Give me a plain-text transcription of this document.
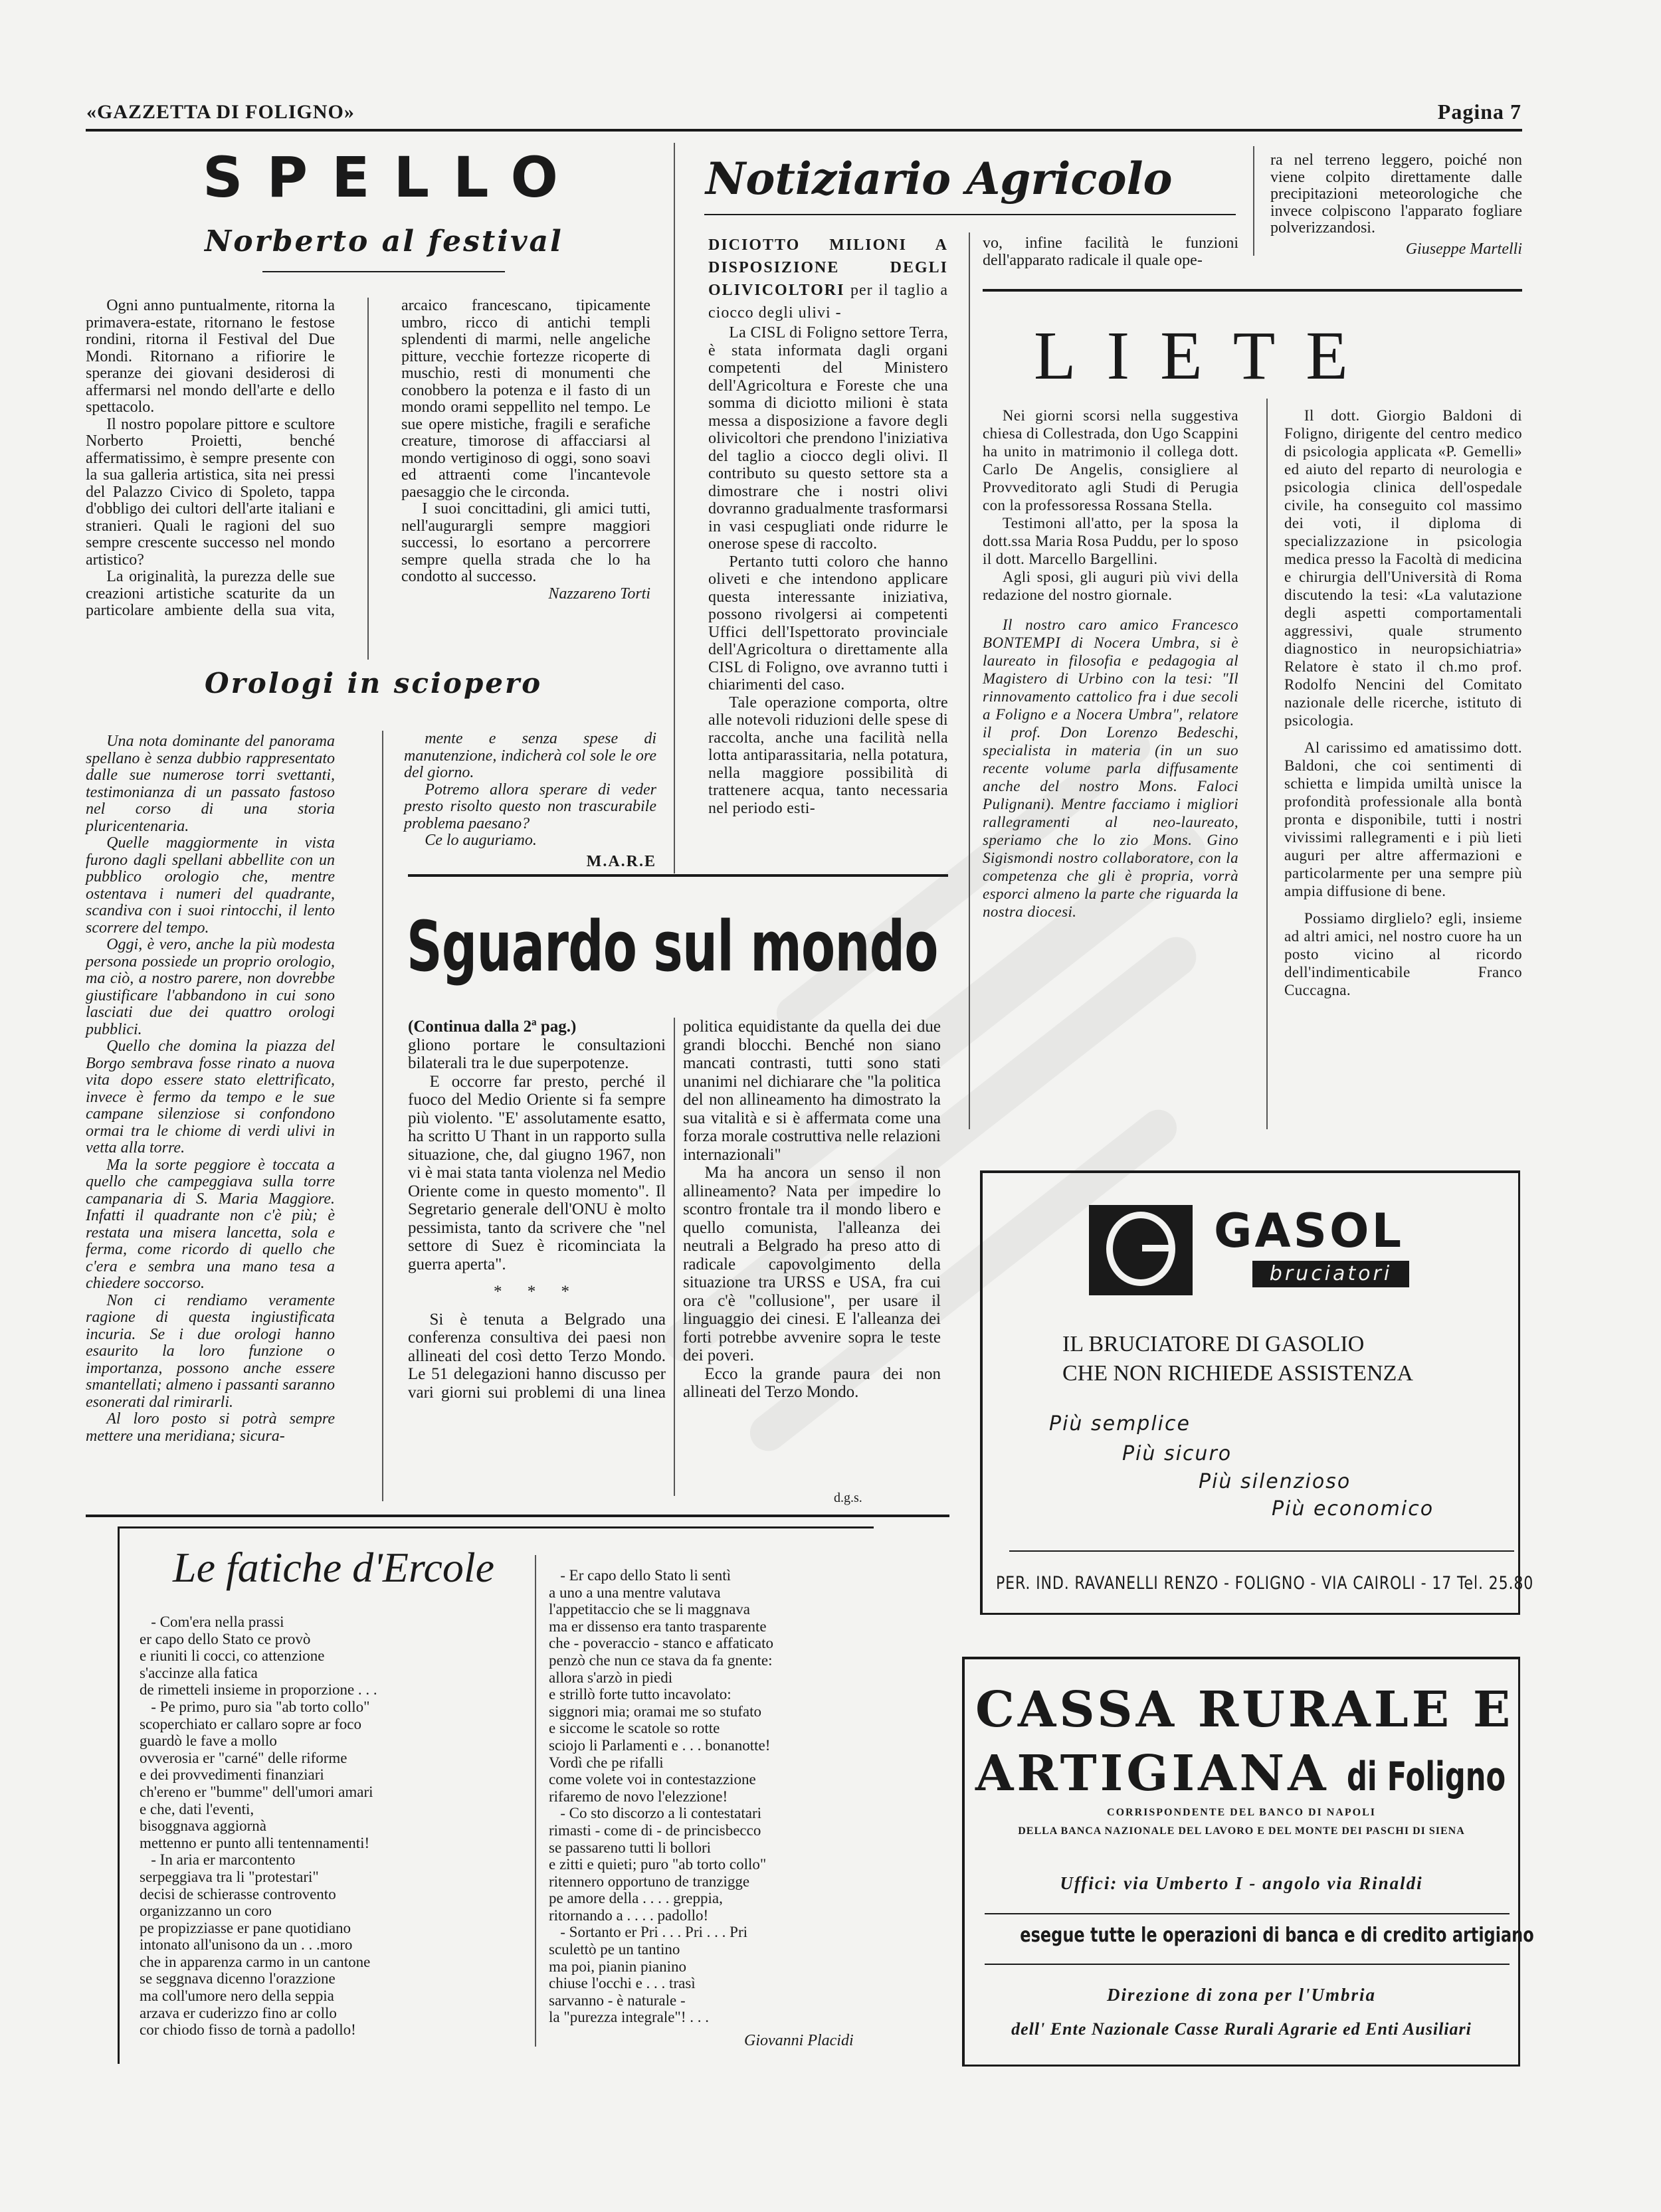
«GAZZETTA DI FOLIGNO»	Pagina 7
SPELLO
Norberto al festival

Ogni anno puntualmente, ritorna la primavera-estate, ritornano le festose rondini, ritorna il Festival del Due Mondi. Ritornano a rifiorire le speranze dei giovani desiderosi di affermarsi nel mondo dell'arte e dello spettacolo.

Il nostro popolare pittore e scultore Norberto Proietti, benché affermatissimo, è sempre presente con la sua galleria artistica, sita nei pressi del Palazzo Civico di Spoleto, tappa d'obbligo dei cultori dell'arte italiani e stranieri. Quali le ragioni del suo sempre crescente successo nel mondo artistico?

La originalità, la purezza delle sue creazioni artistiche scaturite da un particolare ambiente della sua vita, arcaico francescano, tipicamente umbro, ricco di antichi templi splendenti di marmi, nelle angeliche pitture, vecchie fortezze ricoperte di muschio, resti di monumenti che conobbero la potenza e il fasto di un mondo orami seppellito nel tempo. Le sue opere mistiche, fragili e serafiche creature, timorose di affacciarsi al mondo vertiginoso di oggi, sono soavi ed attraenti come l'incantevole paesaggio che le circonda.

I suoi concittadini, gli amici tutti, nell'augurargli sempre maggiori successi, lo esortano a percorrere sempre quella strada che lo ha condotto al successo.

Nazzareno Torti

Orologi in sciopero

Una nota dominante del panorama spellano è senza dubbio rappresentato dalle sue numerose torri svettanti, testimonianza di un passato fastoso nel corso di una storia pluricentenaria.

Quelle maggiormente in vista furono dagli spellani abbellite con un pubblico orologio che, mentre ostentava i numeri del quadrante, scandiva con i suoi rintocchi, il lento scorrere del tempo.

Oggi, è vero, anche la più modesta persona possiede un proprio orologio, ma ciò, a nostro parere, non dovrebbe giustificare l'abbandono in cui sono lasciati due dei quattro orologi pubblici.

Quello che domina la piazza del Borgo sembrava fosse rinato a nuova vita dopo essere stato elettrificato, invece è fermo da tempo e le sue campane silenziose si confondono ormai tra le chiome di verdi ulivi in vetta alla torre.

Ma la sorte peggiore è toccata a quello che campeggiava sulla torre campanaria di S. Maria Maggiore. Infatti il quadrante non c'è più; è restata una misera lancetta, sola e ferma, come ricordo di quello che c'era e sembra una mano tesa a chiedere soccorso.

Non ci rendiamo veramente ragione di questa ingiustificata incuria. Se i due orologi hanno esaurito la loro funzione o importanza, possono anche essere smantellati; almeno i passanti saranno esonerati dal rimirarli.

Al loro posto si potrà sempre mettere una meridiana; sicura-

mente e senza spese di manutenzione, indicherà col sole le ore del giorno.

Potremo allora sperare di veder presto risolto questo non trascurabile problema paesano?

Ce lo auguriamo.

M.A.R.E

Sguardo sul mondo

(Continua dalla 2ª pag.)

gliono portare le consultazioni bilaterali tra le due superpotenze.

E occorre far presto, perché il fuoco del Medio Oriente si fa sempre più violento. "E' assolutamente esatto, ha scritto U Thant in un rapporto sulla situazione, che, dal giugno 1967, non vi è mai stata tanta violenza nel Medio Oriente come in questo momento". Il Segretario generale dell'ONU è molto pessimista, tanto da scrivere che "nel settore di Suez è ricominciata la guerra aperta".

* * *

Si è tenuta a Belgrado una conferenza consultiva dei paesi non allineati del così detto Terzo Mondo. Le 51 delegazioni hanno discusso per vari giorni sui problemi di una linea politica equidistante da quella dei due grandi blocchi. Benché non siano mancati contrasti, tutti sono stati unanimi nel dichiarare che "la politica del non allineamento ha dimostrato la sua vitalità e si è affermata come una forza morale costruttiva nelle relazioni internazionali"

Ma ha ancora un senso il non allineamento? Nata per impedire lo scontro frontale tra il mondo libero e quello comunista, l'alleanza dei neutrali a Belgrado ha preso atto di radicale capovolgimento della situazione tra URSS e USA, fra cui ora c'è "collusione", per usare il linguaggio dei cinesi. E l'alleanza dei forti potrebbe avvenire sopra le teste dei poveri.

Ecco la grande paura dei non allineati del Terzo Mondo.

d.g.s.
Notiziario Agricolo

DICIOTTO MILIONI A DISPOSIZIONE DEGLI OLIVICOLTORI per il taglio a ciocco degli ulivi -

La CISL di Foligno settore Terra, è stata informata dagli organi competenti del Ministero dell'Agricoltura e Foreste che una somma di diciotto milioni è stata messa a disposizione a favore degli olivicoltori che prendono l'iniziativa del taglio a ciocco degli olivi. Il contributo su questo settore sta a dimostrare che i nostri olivi dovranno gradualmente trasformarsi in vasi cespugliati onde ridurre le onerose spese di raccolto.

Pertanto tutti coloro che hanno oliveti e che intendono applicare questa interessante iniziativa, possono rivolgersi ai competenti Uffici dell'Ispettorato provinciale dell'Agricoltura o direttamente alla CISL di Foligno, ove avranno tutti i chiarimenti del caso.

Tale operazione comporta, oltre alle notevoli riduzioni delle spese di raccolta, anche una facilità nella lotta antiparassitaria, nella potatura, nella maggiore possibilità di trattenere acqua, tanto necessaria nel periodo esti-

vo, infine facilità le funzioni dell'apparato radicale il quale ope-

ra nel terreno leggero, poiché non viene colpito direttamente dalle precipitazioni meteorologiche che invece colpiscono l'apparato fogliare polverizzandosi.

Giuseppe Martelli

LIETE

Nei giorni scorsi nella suggestiva chiesa di Collestrada, don Ugo Scappini ha unito in matrimonio il collega dott. Carlo De Angelis, consigliere al Provveditorato agli Studi di Perugia con la professoressa Rossana Stella.

Testimoni all'atto, per la sposa la dott.ssa Maria Rosa Puddu, per lo sposo il dott. Marcello Bargellini.

Agli sposi, gli auguri più vivi della redazione del nostro giornale.

Il nostro caro amico Francesco BONTEMPI di Nocera Umbra, si è laureato in filosofia e pedagogia al Magistero di Urbino con la tesi: "Il rinnovamento cattolico fra i due secoli a Foligno e a Nocera Umbra", relatore il prof. Don Lorenzo Bedeschi, specialista in materia (in un suo recente volume parla diffusamente anche del nostro Mons. Faloci Pulignani). Mentre facciamo i migliori rallegramenti al neo-laureato, speriamo che lo zio Mons. Gino Sigismondi nostro collaboratore, con la competenza che gli è propria, vorrà esporci almeno la parte che riguarda la nostra diocesi.

Il dott. Giorgio Baldoni di Foligno, dirigente del centro medico di psicologia applicata «P. Gemelli» ed aiuto del reparto di neurologia e psicologia clinica dell'ospedale civile, ha conseguito col massimo dei voti, il diploma di specializzazione in psicologia medica presso la Facoltà di medicina e chirurgia dell'Università di Roma discutendo la tesi: «La valutazione degli aspetti comportamentali aggressivi, quale strumento diagnostico in neuropsichiatria» Relatore è stato il ch.mo prof. Rodolfo Nencini del Comitato nazionale delle ricerche, istituto di psicologia.

Al carissimo ed amatissimo dott. Baldoni, che coi sentimenti di schietta e limpida umiltà unisce la profondità professionale alla bontà pronta e disponibile, tutti i nostri vivissimi rallegramenti e i più lieti auguri per altre affermazioni e particolarmente per una sempre più ampia diffusione di bene.

Possiamo dirglielo? egli, insieme ad altri amici, nel nostro cuore ha un posto vicino al ricordo dell'indimenticabile Franco Cuccagna.

GASOL
bruciatori
IL BRUCIATORE DI GASOLIO
CHE NON RICHIEDE ASSISTENZA
Più semplice
Più sicuro
Più silenzioso
Più economico
PER. IND. RAVANELLI RENZO - FOLIGNO - VIA CAIROLI - 17 Tel. 25.80
CASSA RURALE E
ARTIGIANA di Foligno
CORRISPONDENTE DEL BANCO DI NAPOLI
DELLA BANCA NAZIONALE DEL LAVORO E DEL MONTE DEI PASCHI DI SIENA
Uffici: via Umberto I - angolo via Rinaldi
esegue tutte le operazioni di banca e di credito artigiano
Direzione di zona per l'Umbria
dell' Ente Nazionale Casse Rurali Agrarie ed Enti Ausiliari
Le fatiche d'Ercole
- Com'era nella prassi
er capo dello Stato ce provò
e riuniti li cocci, co attenzione
s'accinze alla fatica
de rimetteli insieme in proporzione . . .
- Pe primo, puro sia "ab torto collo"
scoperchiato er callaro sopre ar foco
guardò le fave a mollo
ovverosia er "carné" delle riforme
e dei provvedimenti finanziari
ch'ereno er "bumme" dell'umori amari
e che, dati l'eventi,
bisoggnava aggiornà
mettenno er punto alli tentennamenti!
- In aria er marcontento
serpeggiava tra li "protestari"
decisi de schierasse controvento
organizzanno un coro
pe propizziasse er pane quotidiano
intonato all'unisono da un . . .moro
che in apparenza carmo in un cantone
se seggnava dicenno l'orazzione
ma coll'umore nero della seppia
arzava er cuderizzo fino ar collo
cor chiodo fisso de tornà a padollo!
- Er capo dello Stato li sentì
a uno a una mentre valutava
l'appetitaccio che se li maggnava
ma er dissenso era tanto trasparente
che - poveraccio - stanco e affaticato
penzò che nun ce stava da fa gnente:
allora s'arzò in piedi
e strillò forte tutto incavolato:
siggnori mia; oramai me so stufato
e siccome le scatole so rotte
sciojo li Parlamenti e . . . bonanotte!
Vordì che pe rifalli
come volete voi in contestazzione
rifaremo de novo l'elezzione!
- Co sto discorzo a li contestatari
rimasti - come di - de princisbecco
se passareno tutti li bollori
e zitti e quieti; puro "ab torto collo"
ritennero opportuno de tranzigge
pe amore della . . . . greppia,
ritornando a . . . . padollo!
- Sortanto er Pri . . . Pri . . . Pri
sculettò pe un tantino
ma poi, pianin pianino
chiuse l'occhi e . . . trasì
sarvanno - è naturale -
la "purezza integrale"! . . .
Giovanni Placidi
